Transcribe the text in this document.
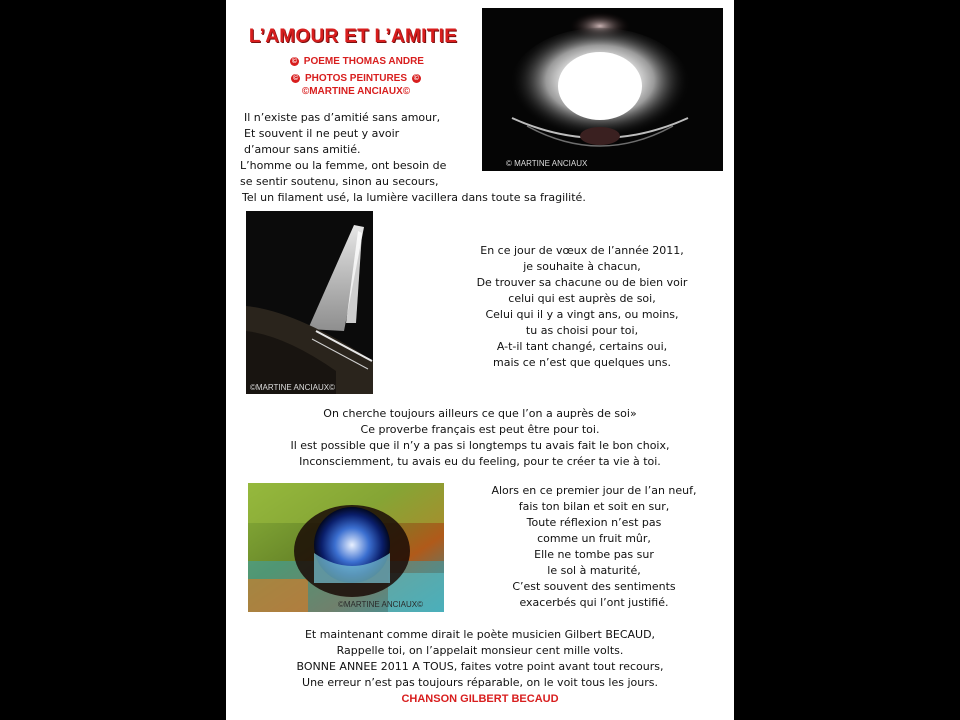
L’AMOUR ET L’AMITIE
© POEME THOMAS ANDRE
© PHOTOS PEINTURES ©
©MARTINE ANCIAUX©
© MARTINE ANCIAUX
Il n’existe pas d’amitié sans amour,
Et souvent il ne peut y avoir
d’amour sans amitié.
L’homme ou la femme, ont besoin de
se sentir soutenu, sinon au secours,
Tel un filament usé, la lumière vacillera dans toute sa fragilité.
©MARTINE ANCIAUX©
En ce jour de vœux de l’année 2011,
je souhaite à chacun,
De trouver sa chacune ou de bien voir
celui qui est auprès de soi,
Celui qui il y a vingt ans, ou moins,
tu as choisi pour toi,
A-t-il tant changé, certains oui,
mais ce n’est que quelques uns.
On cherche toujours ailleurs ce que l’on a auprès de soi»
Ce proverbe français est peut être pour toi.
Il est possible que il n’y a pas si longtemps tu avais fait le bon choix,
Inconsciemment, tu avais eu du feeling, pour te créer ta vie à toi.
©MARTINE ANCIAUX©
Alors en ce premier jour de l’an neuf,
fais ton bilan et soit en sur,
Toute réflexion n’est pas
comme un fruit mûr,
Elle ne tombe pas sur
le sol à maturité,
C’est souvent des sentiments
exacerbés qui l’ont justifié.
Et maintenant comme dirait le poète musicien Gilbert BECAUD,
Rappelle toi, on l’appelait monsieur cent mille volts.
BONNE ANNEE 2011 A TOUS, faites votre point avant tout recours,
Une erreur n’est pas toujours réparable, on le voit tous les jours.
CHANSON GILBERT BECAUD
